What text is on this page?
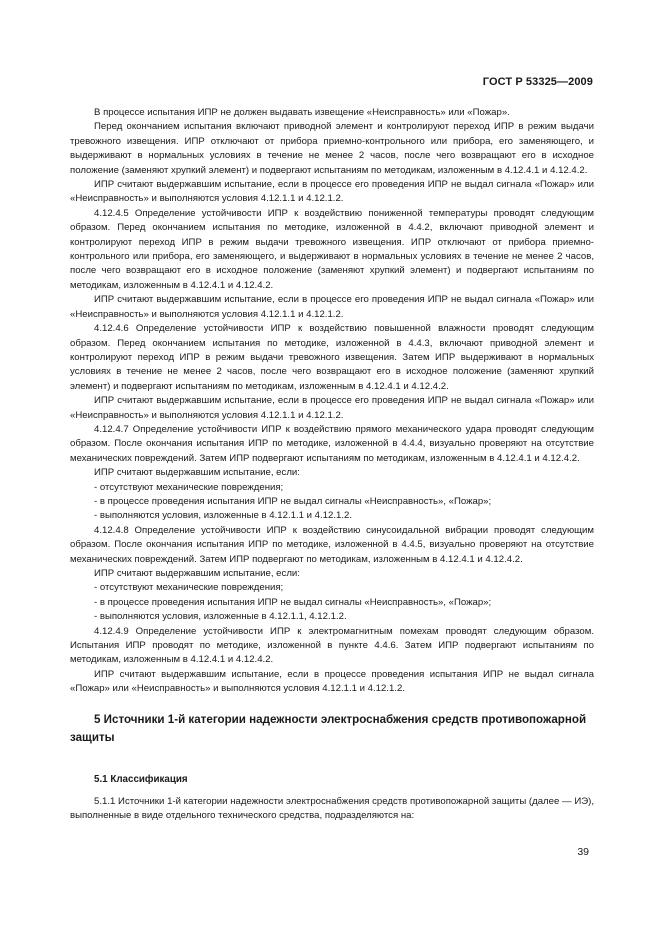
ГОСТ Р 53325—2009

В процессе испытания ИПР не должен выдавать извещение «Неисправность» или «Пожар».

Перед окончанием испытания включают приводной элемент и контролируют переход ИПР в режим выдачи тревожного извещения. ИПР отключают от прибора приемно-контрольного или прибора, его заменяющего, и выдерживают в нормальных условиях в течение не менее 2 часов, после чего возвращают его в исходное положение (заменяют хрупкий элемент) и подвергают испытаниям по методикам, изложенным в 4.12.4.1 и 4.12.4.2.

ИПР считают выдержавшим испытание, если в процессе его проведения ИПР не выдал сигнала «Пожар» или «Неисправность» и выполняются условия 4.12.1.1 и 4.12.1.2.

4.12.4.5 Определение устойчивости ИПР к воздействию пониженной температуры проводят следующим образом. Перед окончанием испытания по методике, изложенной в 4.4.2, включают приводной элемент и контролируют переход ИПР в режим выдачи тревожного извещения. ИПР отключают от прибора приемно-контрольного или прибора, его заменяющего, и выдерживают в нормальных условиях в течение не менее 2 часов, после чего возвращают его в исходное положение (заменяют хрупкий элемент) и подвергают испытаниям по методикам, изложенным в 4.12.4.1 и 4.12.4.2.

ИПР считают выдержавшим испытание, если в процессе его проведения ИПР не выдал сигнала «Пожар» или «Неисправность» и выполняются условия 4.12.1.1 и 4.12.1.2.

4.12.4.6 Определение устойчивости ИПР к воздействию повышенной влажности проводят следующим образом. Перед окончанием испытания по методике, изложенной в 4.4.3, включают приводной элемент и контролируют переход ИПР в режим выдачи тревожного извещения. Затем ИПР выдерживают в нормальных условиях в течение не менее 2 часов, после чего возвращают его в исходное положение (заменяют хрупкий элемент) и подвергают испытаниям по методикам, изложенным в 4.12.4.1 и 4.12.4.2.

ИПР считают выдержавшим испытание, если в процессе его проведения ИПР не выдал сигнала «Пожар» или «Неисправность» и выполняются условия 4.12.1.1 и 4.12.1.2.

4.12.4.7 Определение устойчивости ИПР к воздействию прямого механического удара проводят следующим образом. После окончания испытания ИПР по методике, изложенной в 4.4.4, визуально проверяют на отсутствие механических повреждений. Затем ИПР подвергают испытаниям по методикам, изложенным в 4.12.4.1 и 4.12.4.2.

ИПР считают выдержавшим испытание, если:

- отсутствуют механические повреждения;

- в процессе проведения испытания ИПР не выдал сигналы «Неисправность», «Пожар»;

- выполняются условия, изложенные в 4.12.1.1 и 4.12.1.2.

4.12.4.8 Определение устойчивости ИПР к воздействию синусоидальной вибрации проводят следующим образом. После окончания испытания ИПР по методике, изложенной в 4.4.5, визуально проверяют на отсутствие механических повреждений. Затем ИПР подвергают по методикам, изложенным в 4.12.4.1 и 4.12.4.2.

ИПР считают выдержавшим испытание, если:

- отсутствуют механические повреждения;

- в процессе проведения испытания ИПР не выдал сигналы «Неисправность», «Пожар»;

- выполняются условия, изложенные в 4.12.1.1, 4.12.1.2.

4.12.4.9 Определение устойчивости ИПР к электромагнитным помехам проводят следующим образом. Испытания ИПР проводят по методике, изложенной в пункте 4.4.6. Затем ИПР подвергают испытаниям по методикам, изложенным в 4.12.4.1 и 4.12.4.2.

ИПР считают выдержавшим испытание, если в процессе проведения испытания ИПР не выдал сигнала «Пожар» или «Неисправность» и выполняются условия 4.12.1.1 и 4.12.1.2.

5 Источники 1-й категории надежности электроснабжения средств противопожарной защиты
5.1 Классификация

5.1.1 Источники 1-й категории надежности электроснабжения средств противопожарной защиты (далее — ИЭ), выполненные в виде отдельного технического средства, подразделяются на:

39
